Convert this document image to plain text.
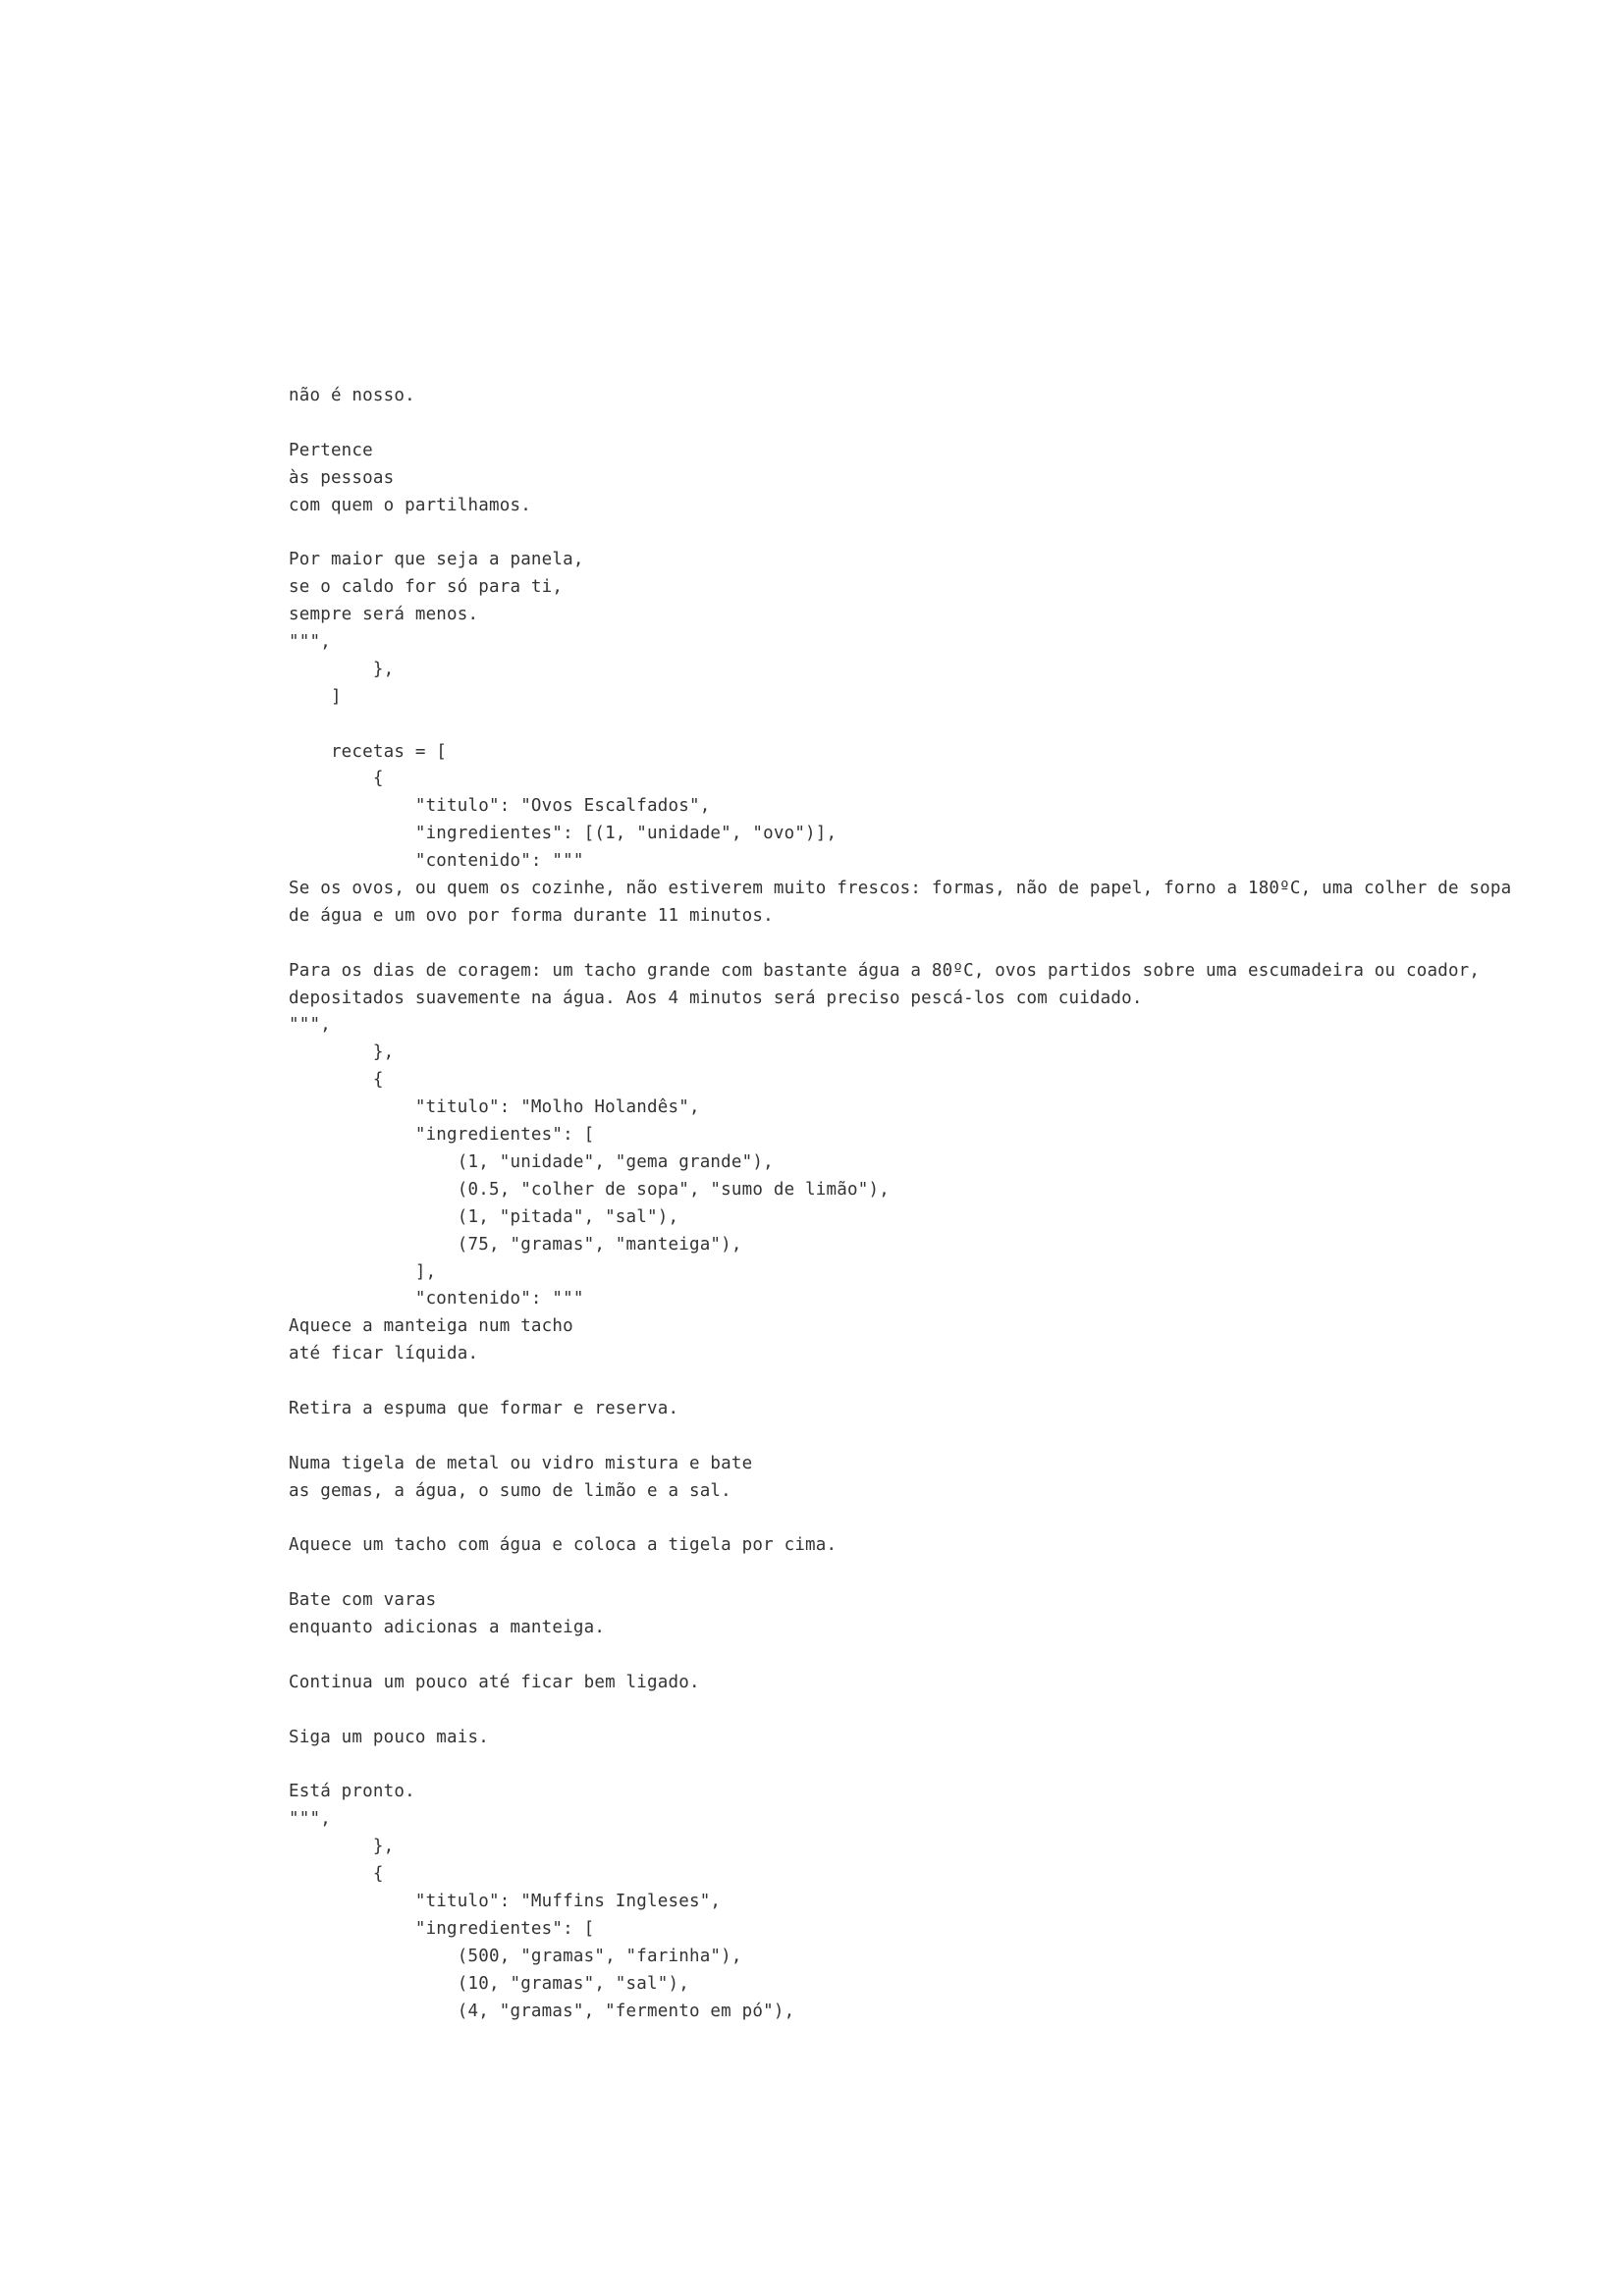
não é nosso.
Pertence
às pessoas
com quem o partilhamos.
Por maior que seja a panela,
se o caldo for só para ti,
sempre será menos.
""",
},
]
recetas = [
{
"titulo": "Ovos Escalfados",
"ingredientes": [(1, "unidade", "ovo")],
"contenido": """
Se os ovos, ou quem os cozinhe, não estiverem muito frescos: formas, não de papel, forno a 180ºC, uma colher de sopa
de água e um ovo por forma durante 11 minutos.
Para os dias de coragem: um tacho grande com bastante água a 80ºC, ovos partidos sobre uma escumadeira ou coador,
depositados suavemente na água. Aos 4 minutos será preciso pescá-los com cuidado.
""",
},
{
"titulo": "Molho Holandês",
"ingredientes": [
(1, "unidade", "gema grande"),
(0.5, "colher de sopa", "sumo de limão"),
(1, "pitada", "sal"),
(75, "gramas", "manteiga"),
],
"contenido": """
Aquece a manteiga num tacho
até ficar líquida.
Retira a espuma que formar e reserva.
Numa tigela de metal ou vidro mistura e bate
as gemas, a água, o sumo de limão e a sal.
Aquece um tacho com água e coloca a tigela por cima.
Bate com varas
enquanto adicionas a manteiga.
Continua um pouco até ficar bem ligado.
Siga um pouco mais.
Está pronto.
""",
},
{
"titulo": "Muffins Ingleses",
"ingredientes": [
(500, "gramas", "farinha"),
(10, "gramas", "sal"),
(4, "gramas", "fermento em pó"),
